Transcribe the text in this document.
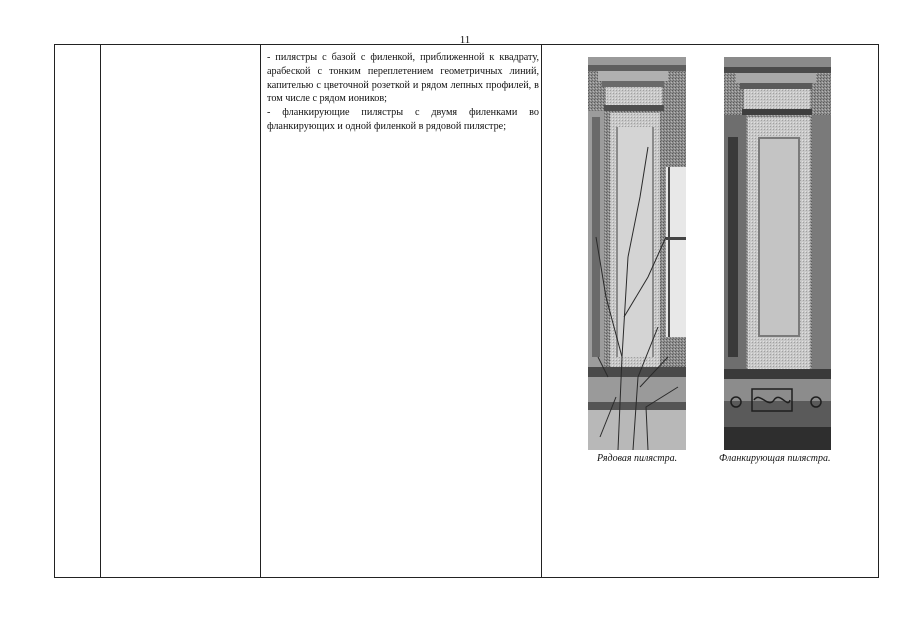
11

- пилястры с базой с филенкой, приближенной к квадрату, арабеской с тонким переплетением геометричных линий, капителью с цветочной розеткой и рядом лепных профилей, в том числе с рядом иоников;

- фланкирующие пилястры с двумя филенками во фланкирующих и одной филенкой в рядовой пилястре;

Рядовая пилястра.	Фланкирующая пилястра.
